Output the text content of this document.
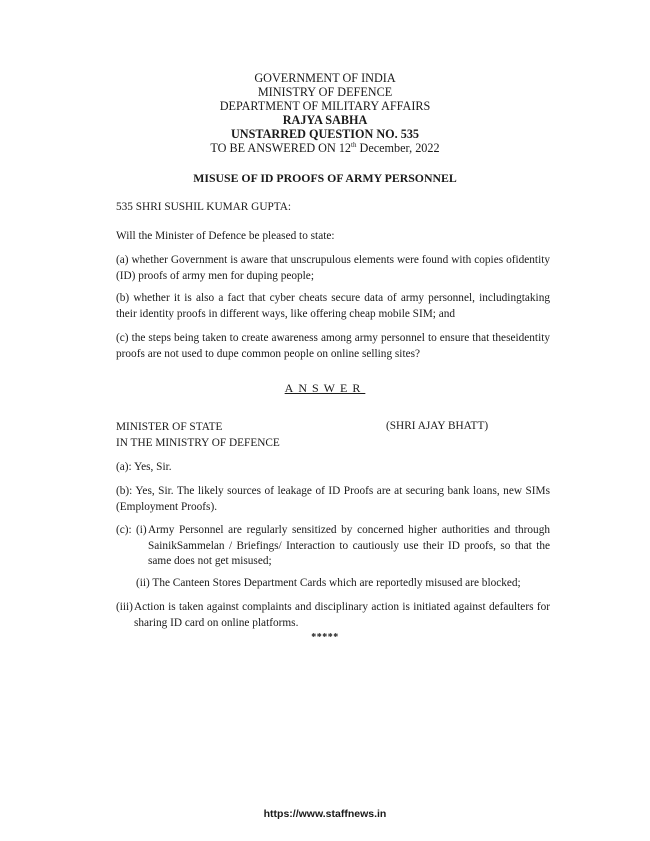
GOVERNMENT OF INDIA
MINISTRY OF DEFENCE
DEPARTMENT OF MILITARY AFFAIRS
RAJYA SABHA
UNSTARRED QUESTION NO. 535
TO BE ANSWERED ON 12th December, 2022
MISUSE OF ID PROOFS OF ARMY PERSONNEL
535 SHRI SUSHIL KUMAR GUPTA:
Will the Minister of Defence be pleased to state:
(a) whether Government is aware that unscrupulous elements were found with copies ofidentity (ID) proofs of army men for duping people;
(b) whether it is also a fact that cyber cheats secure data of army personnel, includingtaking their identity proofs in different ways, like offering cheap mobile SIM; and
(c) the steps being taken to create awareness among army personnel to ensure that theseidentity proofs are not used to dupe common people on online selling sites?
ANSWER
MINISTER OF STATE
IN THE MINISTRY OF DEFENCE
(SHRI AJAY BHATT)
(a): Yes, Sir.
(b): Yes, Sir. The likely sources of leakage of ID Proofs are at securing bank loans, new SIMs (Employment Proofs).
(c): (i) Army Personnel are regularly sensitized by concerned higher authorities and through SainikSammelan / Briefings/ Interaction to cautiously use their ID proofs, so that the same does not get misused;
(ii) The Canteen Stores Department Cards which are reportedly misused are blocked;
(iii) Action is taken against complaints and disciplinary action is initiated against defaulters for sharing ID card on online platforms.
*****
https://www.staffnews.in
